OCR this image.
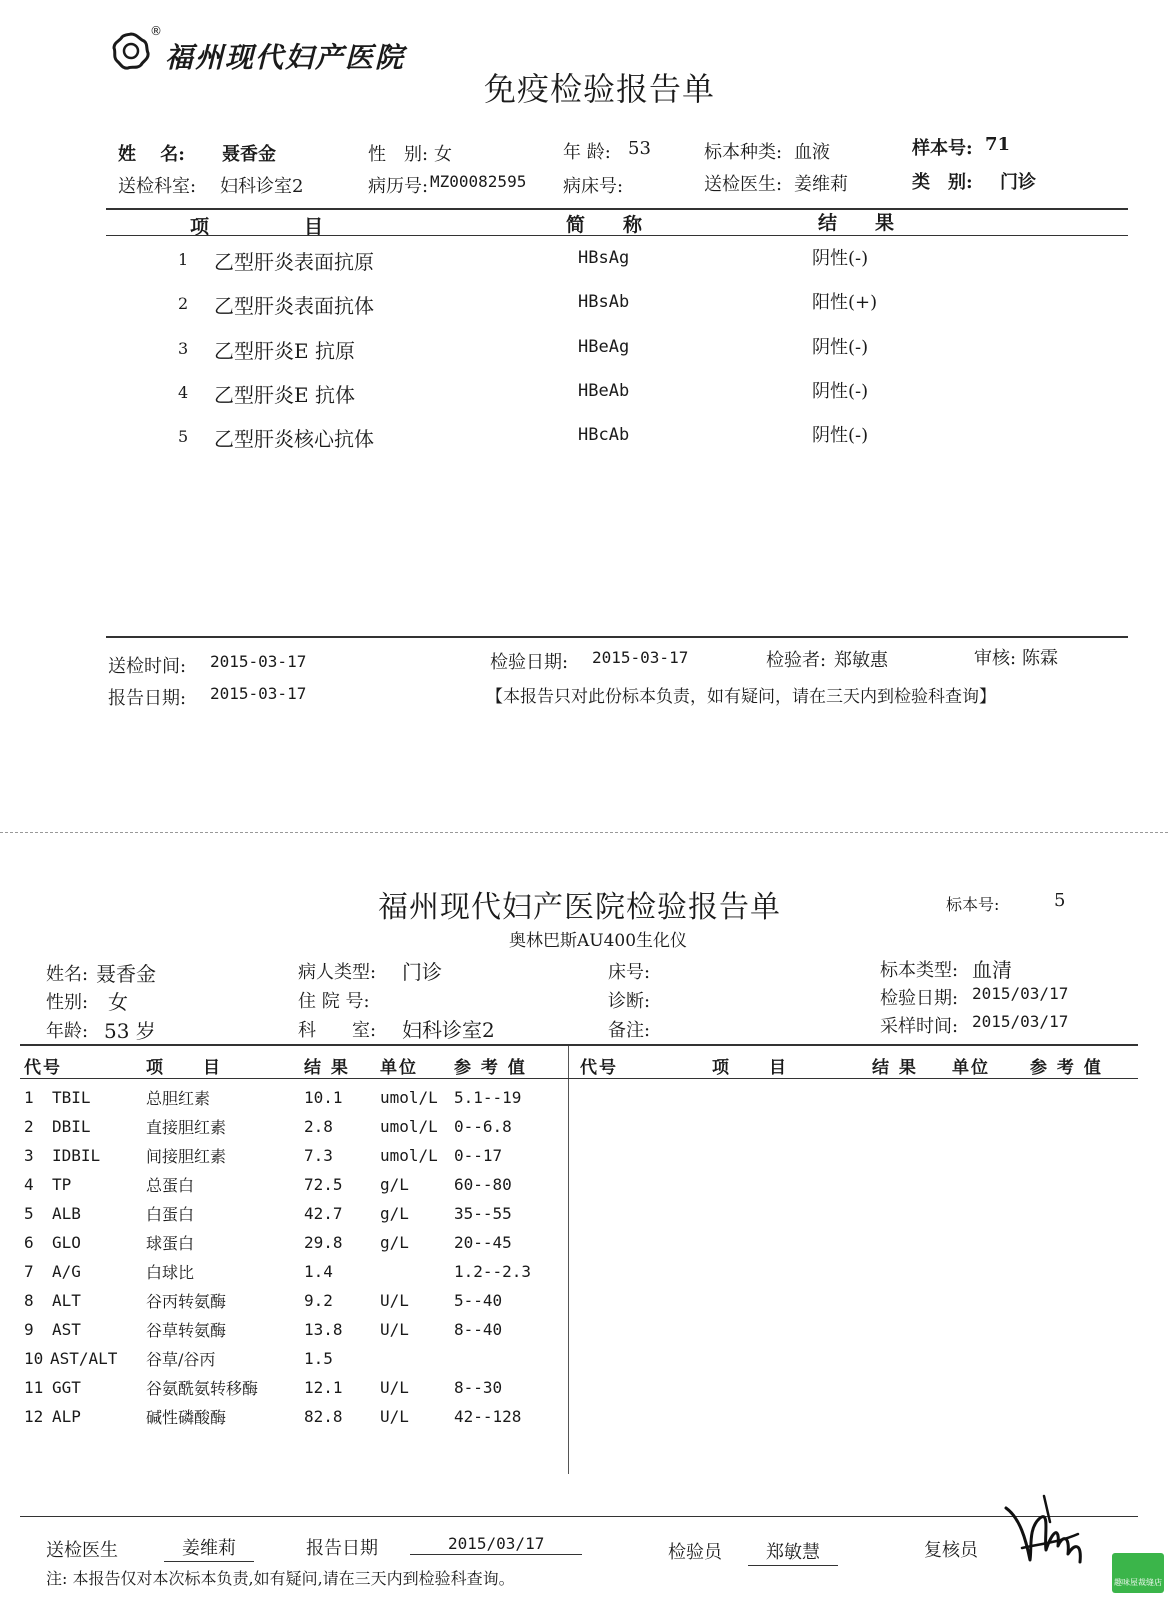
®
福州现代妇产医院
免疫检验报告单
姓　 名: 聂香金	性　别: 女	年 龄: 53	标本种类: 血液	样本号: 71
送检科室: 妇科诊室2	病历号: MZ00082595 病床号:	送检医生: 姜维莉	类　别: 门诊
项　　　　　目	简　　称	结　　果
1 乙型肝炎表面抗原	HBsAg	阴性(-)
2 乙型肝炎表面抗体	HBsAb	阳性(+)
3 乙型肝炎E 抗原	HBeAg	阴性(-)
4 乙型肝炎E 抗体	HBeAb	阴性(-)
5 乙型肝炎核心抗体	HBcAb	阴性(-)
送检时间: 2015-03-17	检验日期: 2015-03-17	检验者: 郑敏惠	审核: 陈霖
报告日期: 2015-03-17	【本报告只对此份标本负责，如有疑问，请在三天内到检验科查询】
福州现代妇产医院检验报告单
奥林巴斯AU400生化仪
标本号:	5
姓名: 聂香金
性别: 女
年龄: 53 岁
病人类型: 门诊
住 院 号:
科　　室: 妇科诊室2
床号:
诊断:
备注:
标本类型: 血清
检验日期: 2015/03/17
采样时间: 2015/03/17
代号	项　　目	结 果 单位 参 考 值	代号	项　　目	结 果 单位 参 考 值
1 TBIL	总胆红素	10.1 umol/L 5.1--19
2 DBIL	直接胆红素	2.8	umol/L 0--6.8
3 IDBIL	间接胆红素	7.3	umol/L 0--17
4 TP	总蛋白	72.5 g/L	60--80
5 ALB	白蛋白	42.7 g/L	35--55
6 GLO	球蛋白	29.8 g/L	20--45
7 A/G	白球比	1.4	1.2--2.3
8 ALT	谷丙转氨酶	9.2	U/L	5--40
9 AST	谷草转氨酶	13.8 U/L	8--40
10 AST/ALT 谷草/谷丙	1.5
11 GGT	谷氨酰氨转移酶	12.1 U/L	8--30
12 ALP	碱性磷酸酶	82.8 U/L	42--128
送检医生	姜维莉	报告日期	2015/03/17	检验员	郑敏慧	复核员
注: 本报告仅对本次标本负责,如有疑问,请在三天内到检验科查询。	趣味屋裁缝店
